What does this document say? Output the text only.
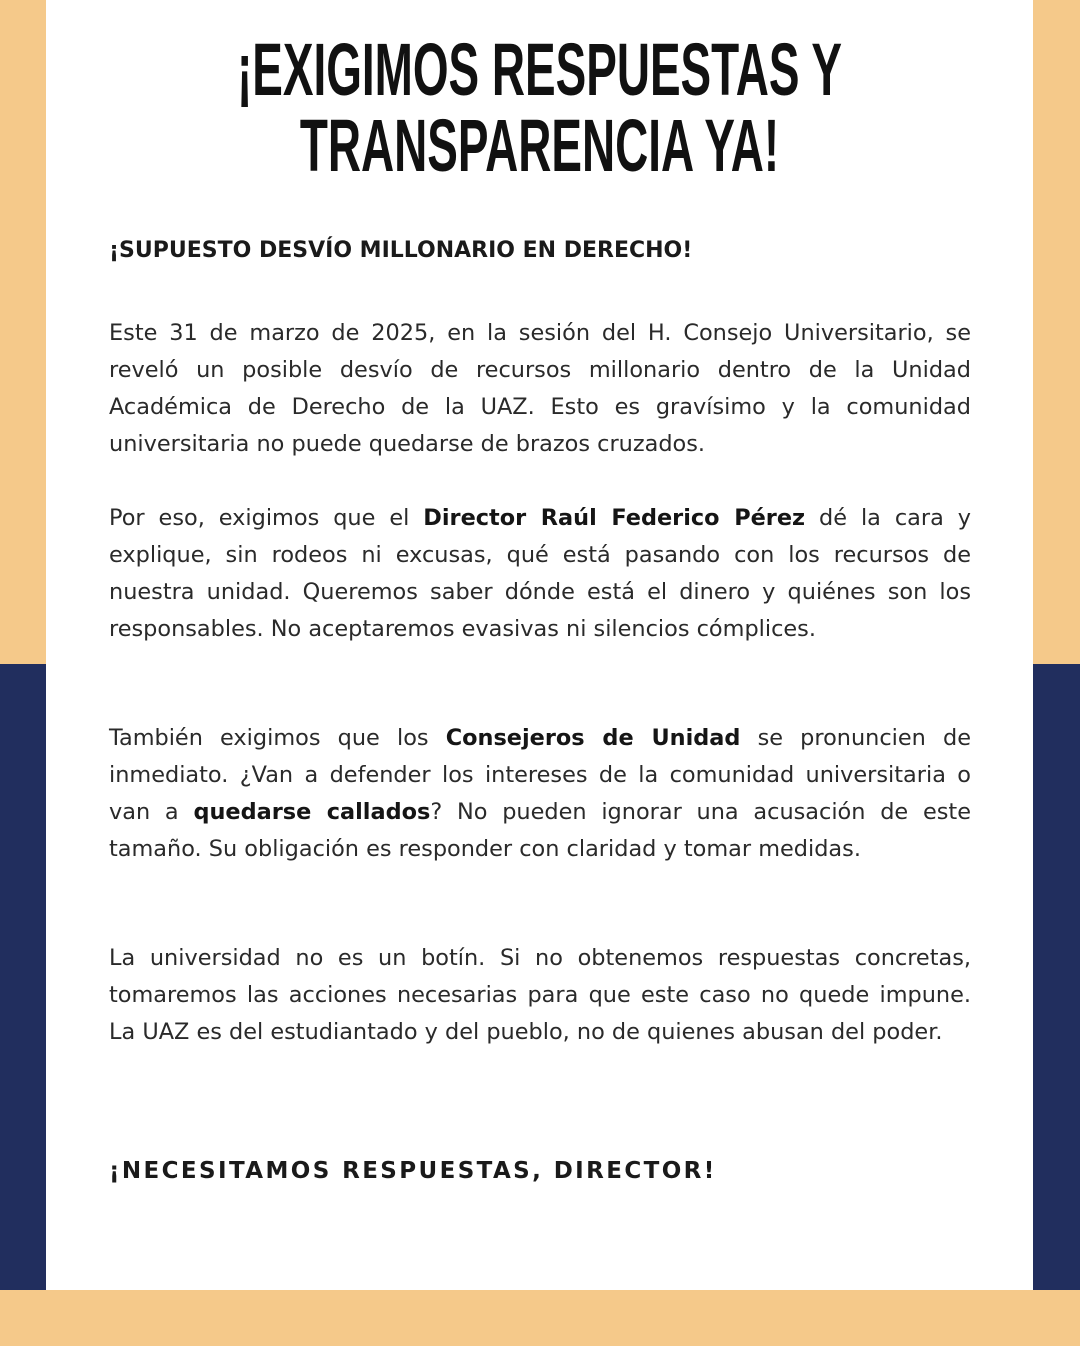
¡EXIGIMOS RESPUESTAS Y
TRANSPARENCIA YA!
¡SUPUESTO DESVÍO MILLONARIO EN DERECHO!

Este 31 de marzo de 2025, en la sesión del H. Consejo Universitario, se reveló un posible desvío de recursos millonario dentro de la Unidad Académica de Derecho de la UAZ. Esto es gravísimo y la comunidad universitaria no puede quedarse de brazos cruzados.

Por eso, exigimos que el Director Raúl Federico Pérez dé la cara y explique, sin rodeos ni excusas, qué está pasando con los recursos de nuestra unidad. Queremos saber dónde está el dinero y quiénes son los responsables. No aceptaremos evasivas ni silencios cómplices.

También exigimos que los Consejeros de Unidad se pronuncien de inmediato. ¿Van a defender los intereses de la comunidad universitaria o van a quedarse callados? No pueden ignorar una acusación de este tamaño. Su obligación es responder con claridad y tomar medidas.

La universidad no es un botín. Si no obtenemos respuestas concretas, tomaremos las acciones necesarias para que este caso no quede impune. La UAZ es del estudiantado y del pueblo, no de quienes abusan del poder.

¡NECESITAMOS RESPUESTAS, DIRECTOR!
